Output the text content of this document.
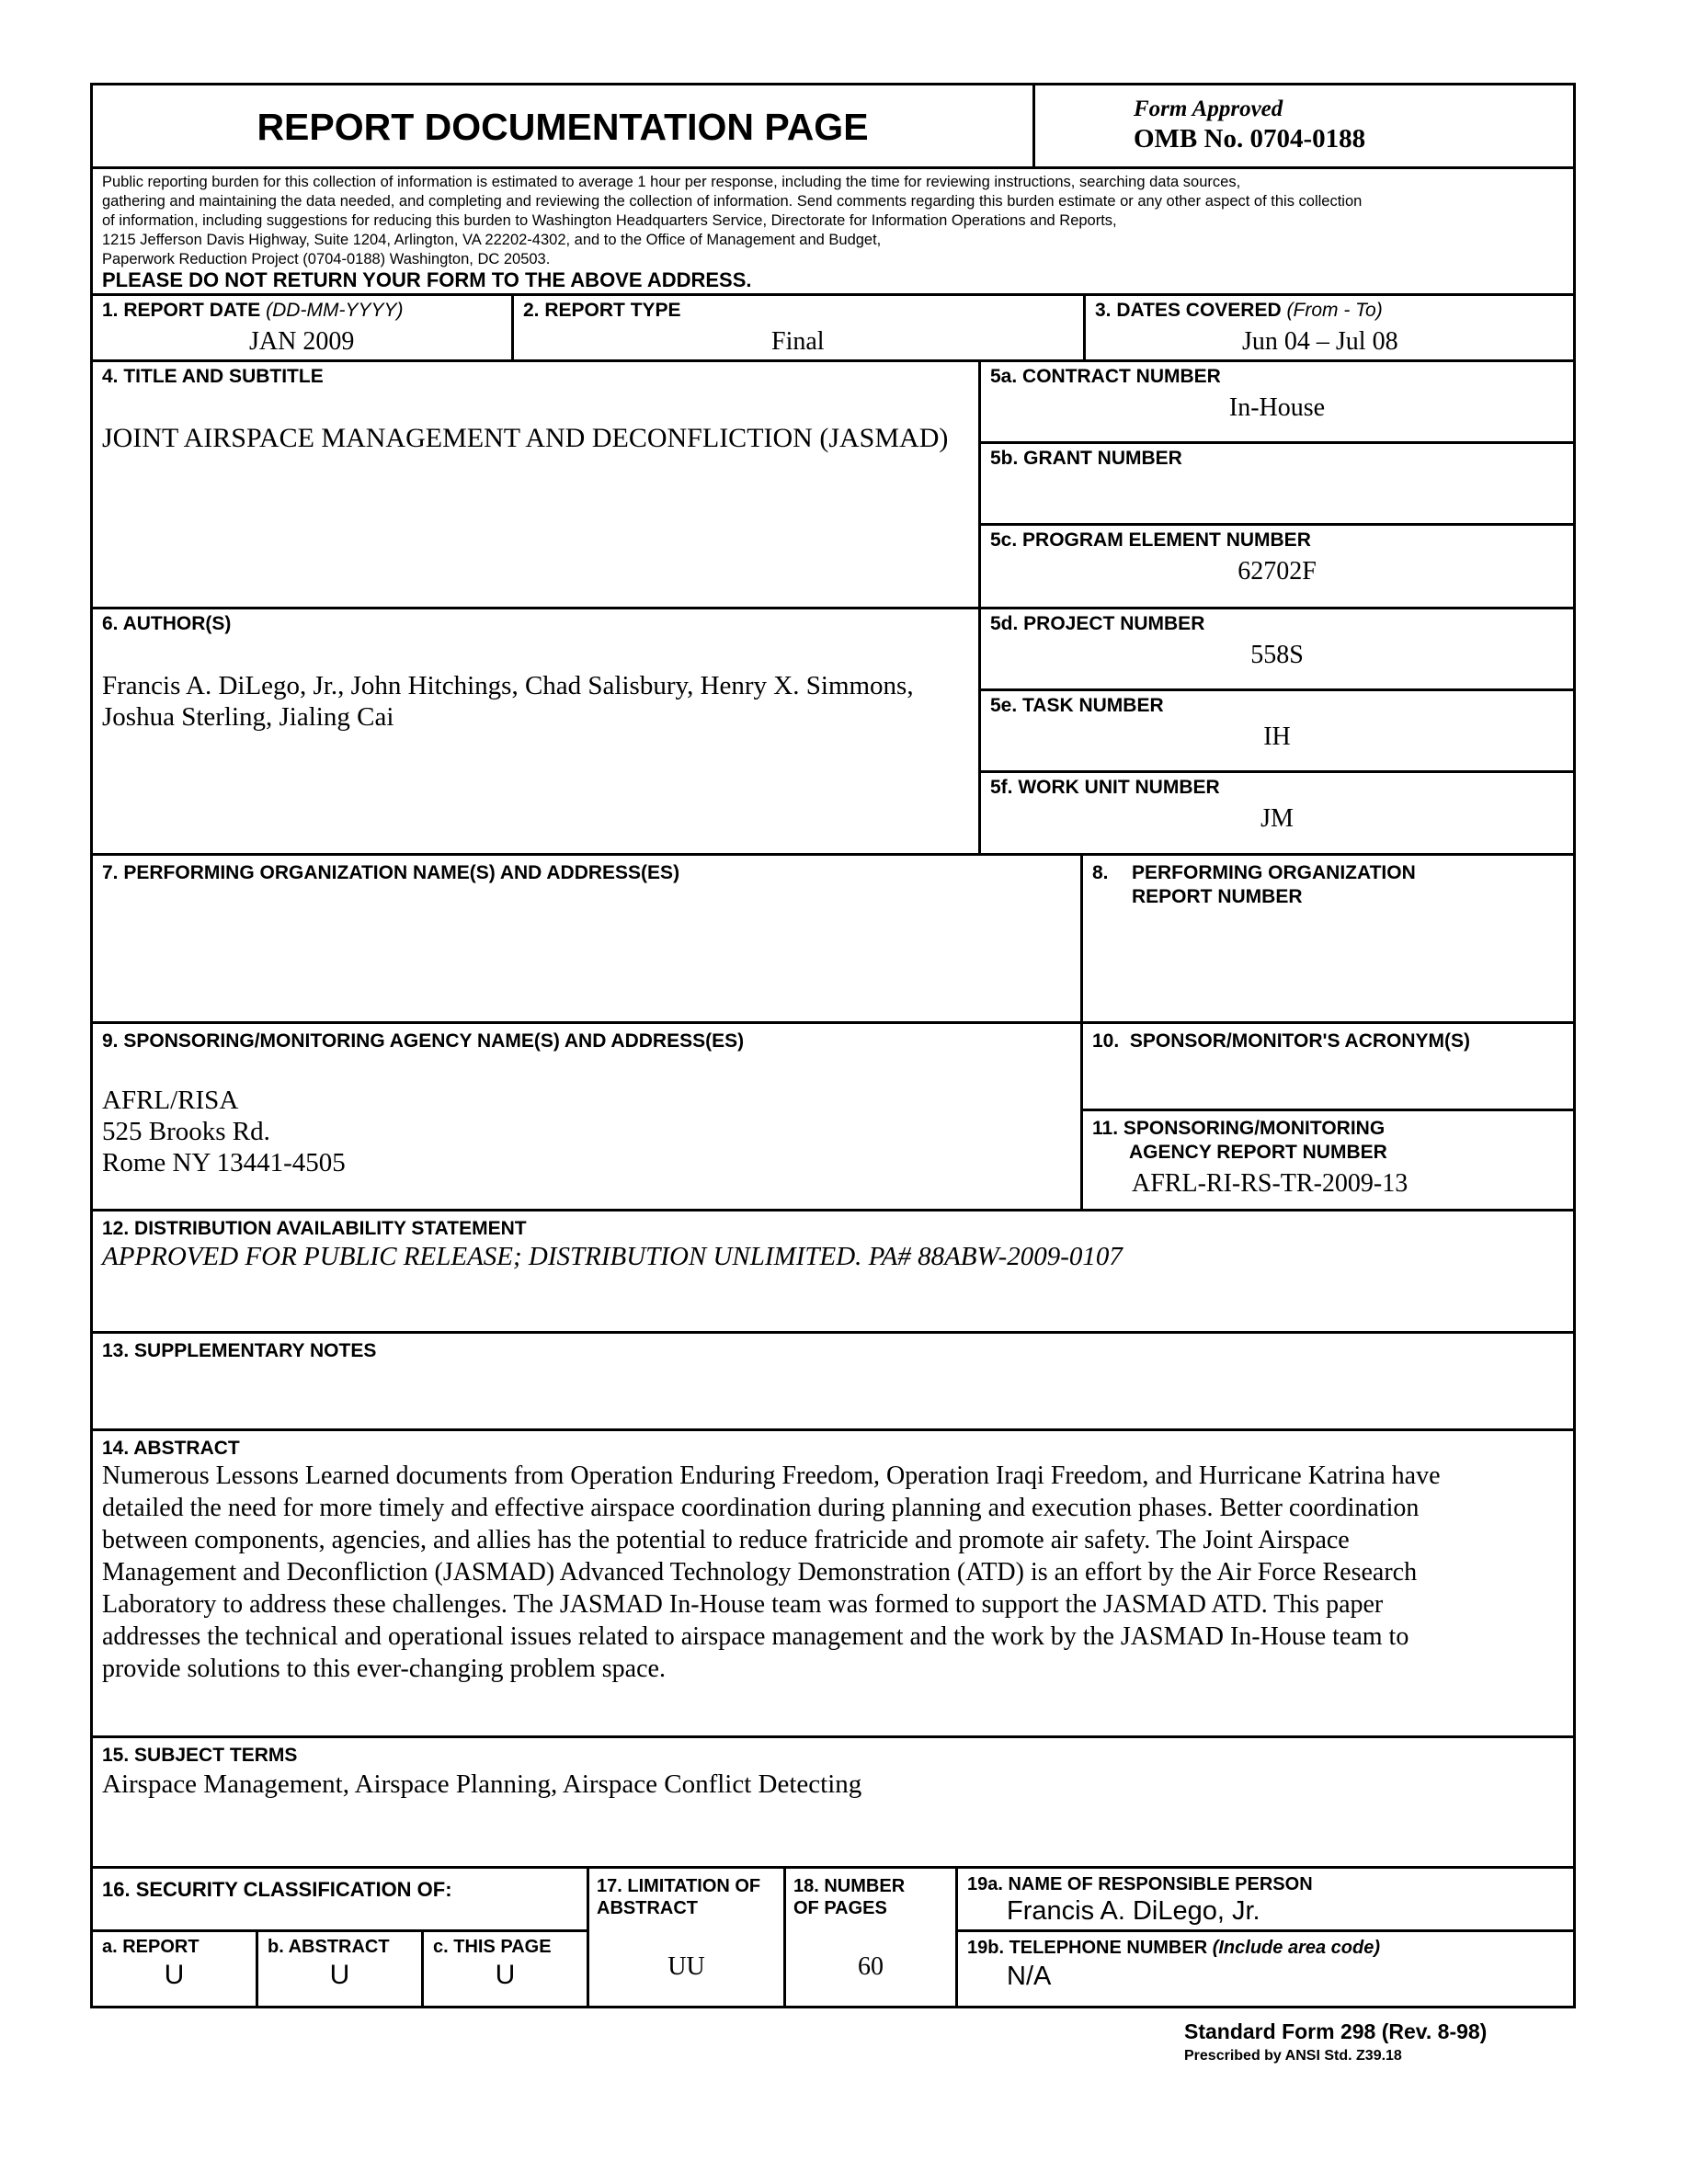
REPORT DOCUMENTATION PAGE	Form Approved
OMB No. 0704-0188
Public reporting burden for this collection of information is estimated to average 1 hour per response, including the time for reviewing instructions, searching data sources,
gathering and maintaining the data needed, and completing and reviewing the collection of information. Send comments regarding this burden estimate or any other aspect of this collection
of information, including suggestions for reducing this burden to Washington Headquarters Service, Directorate for Information Operations and Reports,
1215 Jefferson Davis Highway, Suite 1204, Arlington, VA 22202-4302, and to the Office of Management and Budget,
Paperwork Reduction Project (0704-0188) Washington, DC 20503.
PLEASE DO NOT RETURN YOUR FORM TO THE ABOVE ADDRESS.
1. REPORT DATE (DD-MM-YYYY)
JAN 2009
2. REPORT TYPE
Final
3. DATES COVERED (From - To)
Jun 04 – Jul 08
4. TITLE AND SUBTITLE
JOINT AIRSPACE MANAGEMENT AND DECONFLICTION (JASMAD)
5a. CONTRACT NUMBER
In-House
5b. GRANT NUMBER
5c. PROGRAM ELEMENT NUMBER
62702F
6. AUTHOR(S)
Francis A. DiLego, Jr., John Hitchings, Chad Salisbury, Henry X. Simmons,
Joshua Sterling, Jialing Cai
5d. PROJECT NUMBER
558S
5e. TASK NUMBER
IH
5f. WORK UNIT NUMBER
JM
7. PERFORMING ORGANIZATION NAME(S) AND ADDRESS(ES)	8. PERFORMING ORGANIZATION
REPORT NUMBER
9. SPONSORING/MONITORING AGENCY NAME(S) AND ADDRESS(ES)
AFRL/RISA
525 Brooks Rd.
Rome NY 13441-4505
10.  SPONSOR/MONITOR'S ACRONYM(S)
11. SPONSORING/MONITORING
AGENCY REPORT NUMBER
AFRL-RI-RS-TR-2009-13
12. DISTRIBUTION AVAILABILITY STATEMENT
APPROVED FOR PUBLIC RELEASE; DISTRIBUTION UNLIMITED. PA# 88ABW-2009-0107
13. SUPPLEMENTARY NOTES
14. ABSTRACT
Numerous Lessons Learned documents from Operation Enduring Freedom, Operation Iraqi Freedom, and Hurricane Katrina have
detailed the need for more timely and effective airspace coordination during planning and execution phases. Better coordination
between components, agencies, and allies has the potential to reduce fratricide and promote air safety. The Joint Airspace
Management and Deconfliction (JASMAD) Advanced Technology Demonstration (ATD) is an effort by the Air Force Research
Laboratory to address these challenges. The JASMAD In-House team was formed to support the JASMAD ATD. This paper
addresses the technical and operational issues related to airspace management and the work by the JASMAD In-House team to
provide solutions to this ever-changing problem space.
15. SUBJECT TERMS
Airspace Management, Airspace Planning, Airspace Conflict Detecting
16. SECURITY CLASSIFICATION OF:
a. REPORT
U
b. ABSTRACT
U
c. THIS PAGE
U
17. LIMITATION OF
ABSTRACT
UU
18. NUMBER
OF PAGES
60
19a. NAME OF RESPONSIBLE PERSON
Francis A. DiLego, Jr.
19b. TELEPHONE NUMBER (Include area code)
N/A
Standard Form 298 (Rev. 8-98)
Prescribed by ANSI Std. Z39.18
